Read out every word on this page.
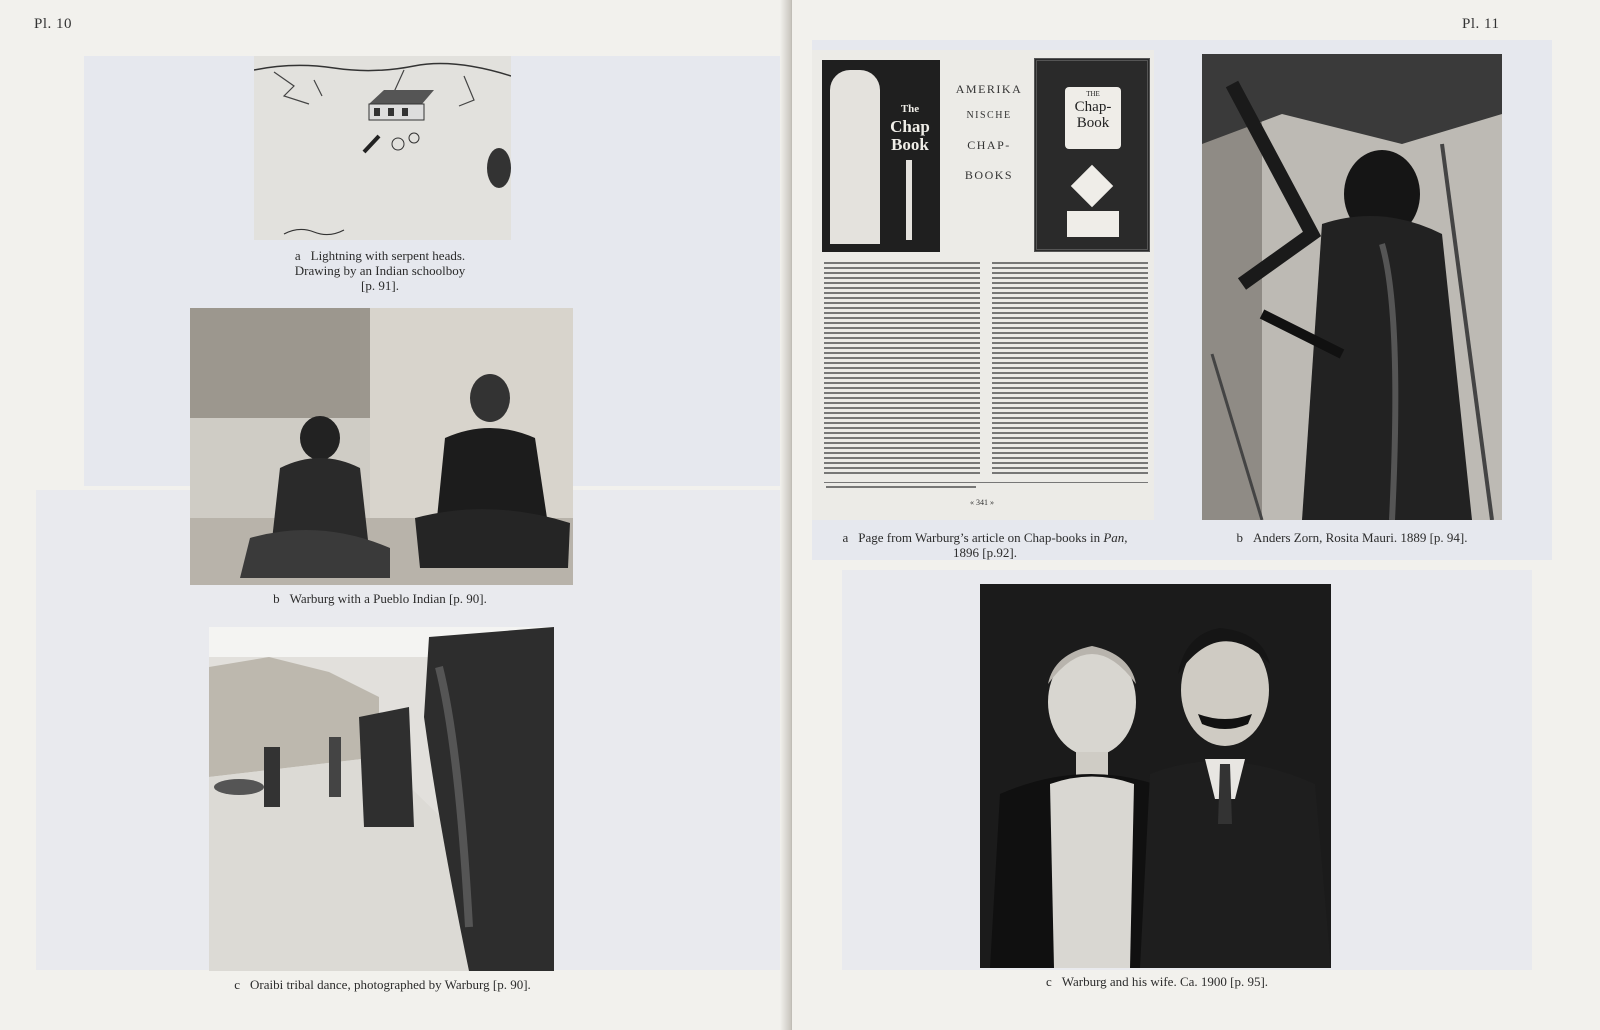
Pl. 10
a Lightning with serpent heads.
Drawing by an Indian schoolboy
[p. 91].
b Warburg with a Pueblo Indian [p. 90].
c Oraibi tribal dance, photographed by Warburg [p. 90].
Pl. 11
The
Chap
Book
AMERIKA
NISCHE
CHAP-
BOOKS
THE
Chap-
Book
« 341 »
a Page from Warburg’s article on Chap-books in Pan,
1896 [p.92].
b Anders Zorn, Rosita Mauri. 1889 [p. 94].
c Warburg and his wife. Ca. 1900 [p. 95].
